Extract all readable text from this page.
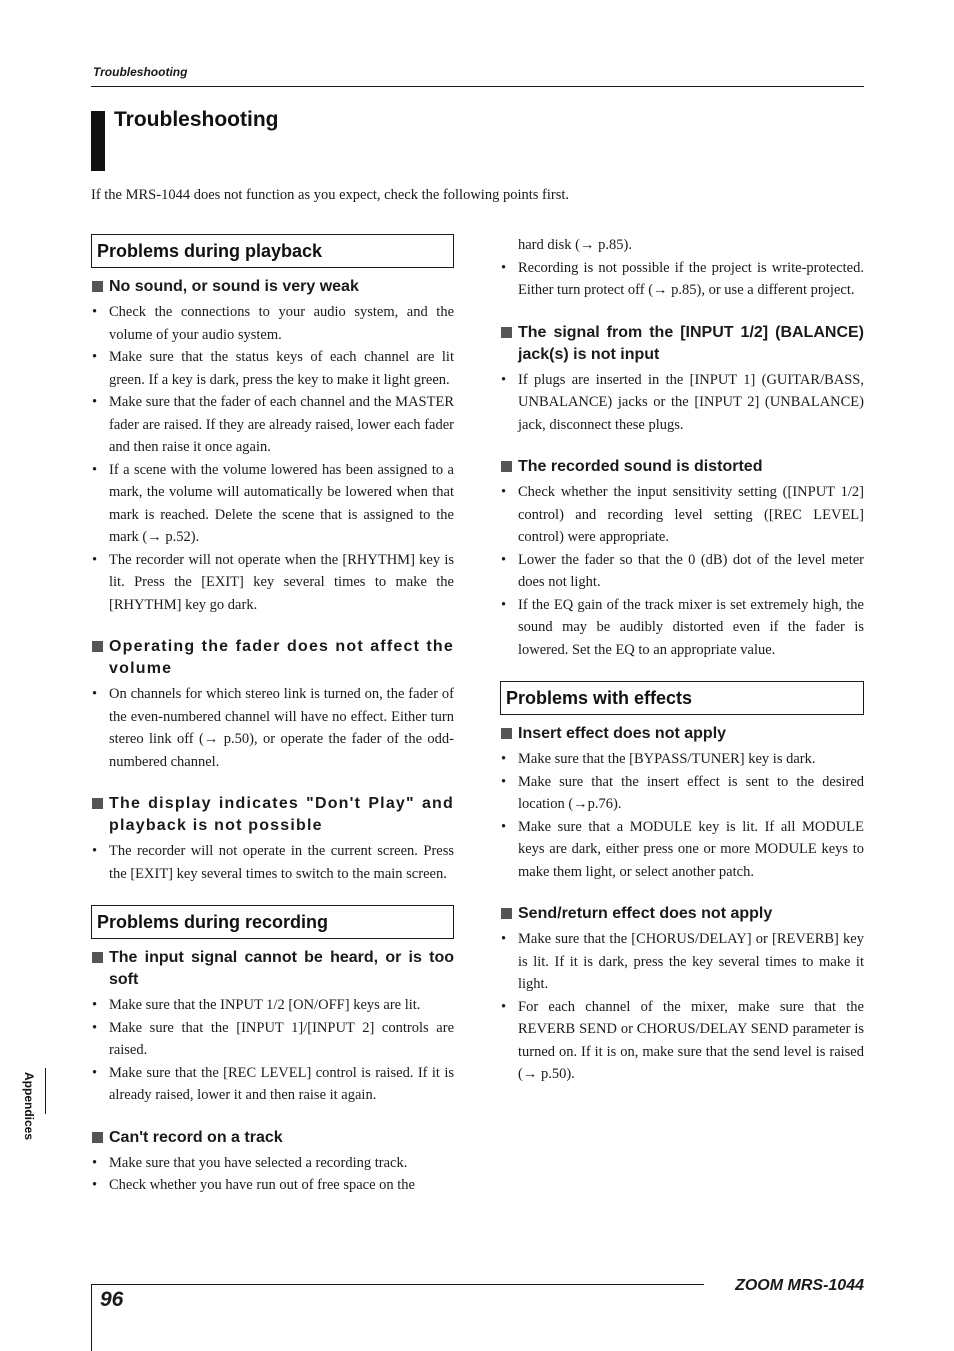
Troubleshooting
Troubleshooting
If the MRS-1044 does not function as you expect, check the following points first.
Problems during playback
No sound, or sound is very weak
• Check the connections to your audio system, and the volume of your audio system.
• Make sure that the status keys of each channel are lit green. If a key is dark, press the key to make it light green.
• Make sure that the fader of each channel and the MASTER fader are raised. If they are already raised, lower each fader and then raise it once again.
• If a scene with the volume lowered has been assigned to a mark, the volume will automatically be lowered when that mark is reached. Delete the scene that is assigned to the mark (→ p.52).
• The recorder will not operate when the [RHYTHM] key is lit. Press the [EXIT] key several times to make the [RHYTHM] key go dark.
Operating the fader does not affect the volume
• On channels for which stereo link is turned on, the fader of the even-numbered channel will have no effect. Either turn stereo link off (→ p.50), or operate the fader of the odd-numbered channel.
The display indicates "Don't Play" and playback is not possible
• The recorder will not operate in the current screen. Press the [EXIT] key several times to switch to the main screen.
Problems during recording
The input signal cannot be heard, or is too soft
• Make sure that the INPUT 1/2 [ON/OFF] keys are lit.
• Make sure that the [INPUT 1]/[INPUT 2] controls are raised.
• Make sure that the [REC LEVEL] control is raised. If it is already raised, lower it and then raise it again.
Can't record on a track
• Make sure that you have selected a recording track.
• Check whether you have run out of free space on the
hard disk (→ p.85).
• Recording is not possible if the project is write-protected. Either turn protect off (→ p.85), or use a different project.
The signal from the [INPUT 1/2] (BALANCE) jack(s) is not input
• If plugs are inserted in the [INPUT 1] (GUITAR/BASS, UNBALANCE) jacks or the [INPUT 2] (UNBALANCE) jack, disconnect these plugs.
The recorded sound is distorted
• Check whether the input sensitivity setting ([INPUT 1/2] control) and recording level setting ([REC LEVEL] control) were appropriate.
• Lower the fader so that the 0 (dB) dot of the level meter does not light.
• If the EQ gain of the track mixer is set extremely high, the sound may be audibly distorted even if the fader is lowered. Set the EQ to an appropriate value.
Problems with effects
Insert effect does not apply
• Make sure that the [BYPASS/TUNER] key is dark.
• Make sure that the insert effect is sent to the desired location (→p.76).
• Make sure that a MODULE key is lit. If all MODULE keys are dark, either press one or more MODULE keys to make them light, or select another patch.
Send/return effect does not apply
• Make sure that the [CHORUS/DELAY] or [REVERB] key is lit. If it is dark, press the key several times to make it light.
• For each channel of the mixer, make sure that the REVERB SEND or CHORUS/DELAY SEND parameter is turned on. If it is on, make sure that the send level is raised (→ p.50).
Appendices
96
ZOOM MRS-1044
